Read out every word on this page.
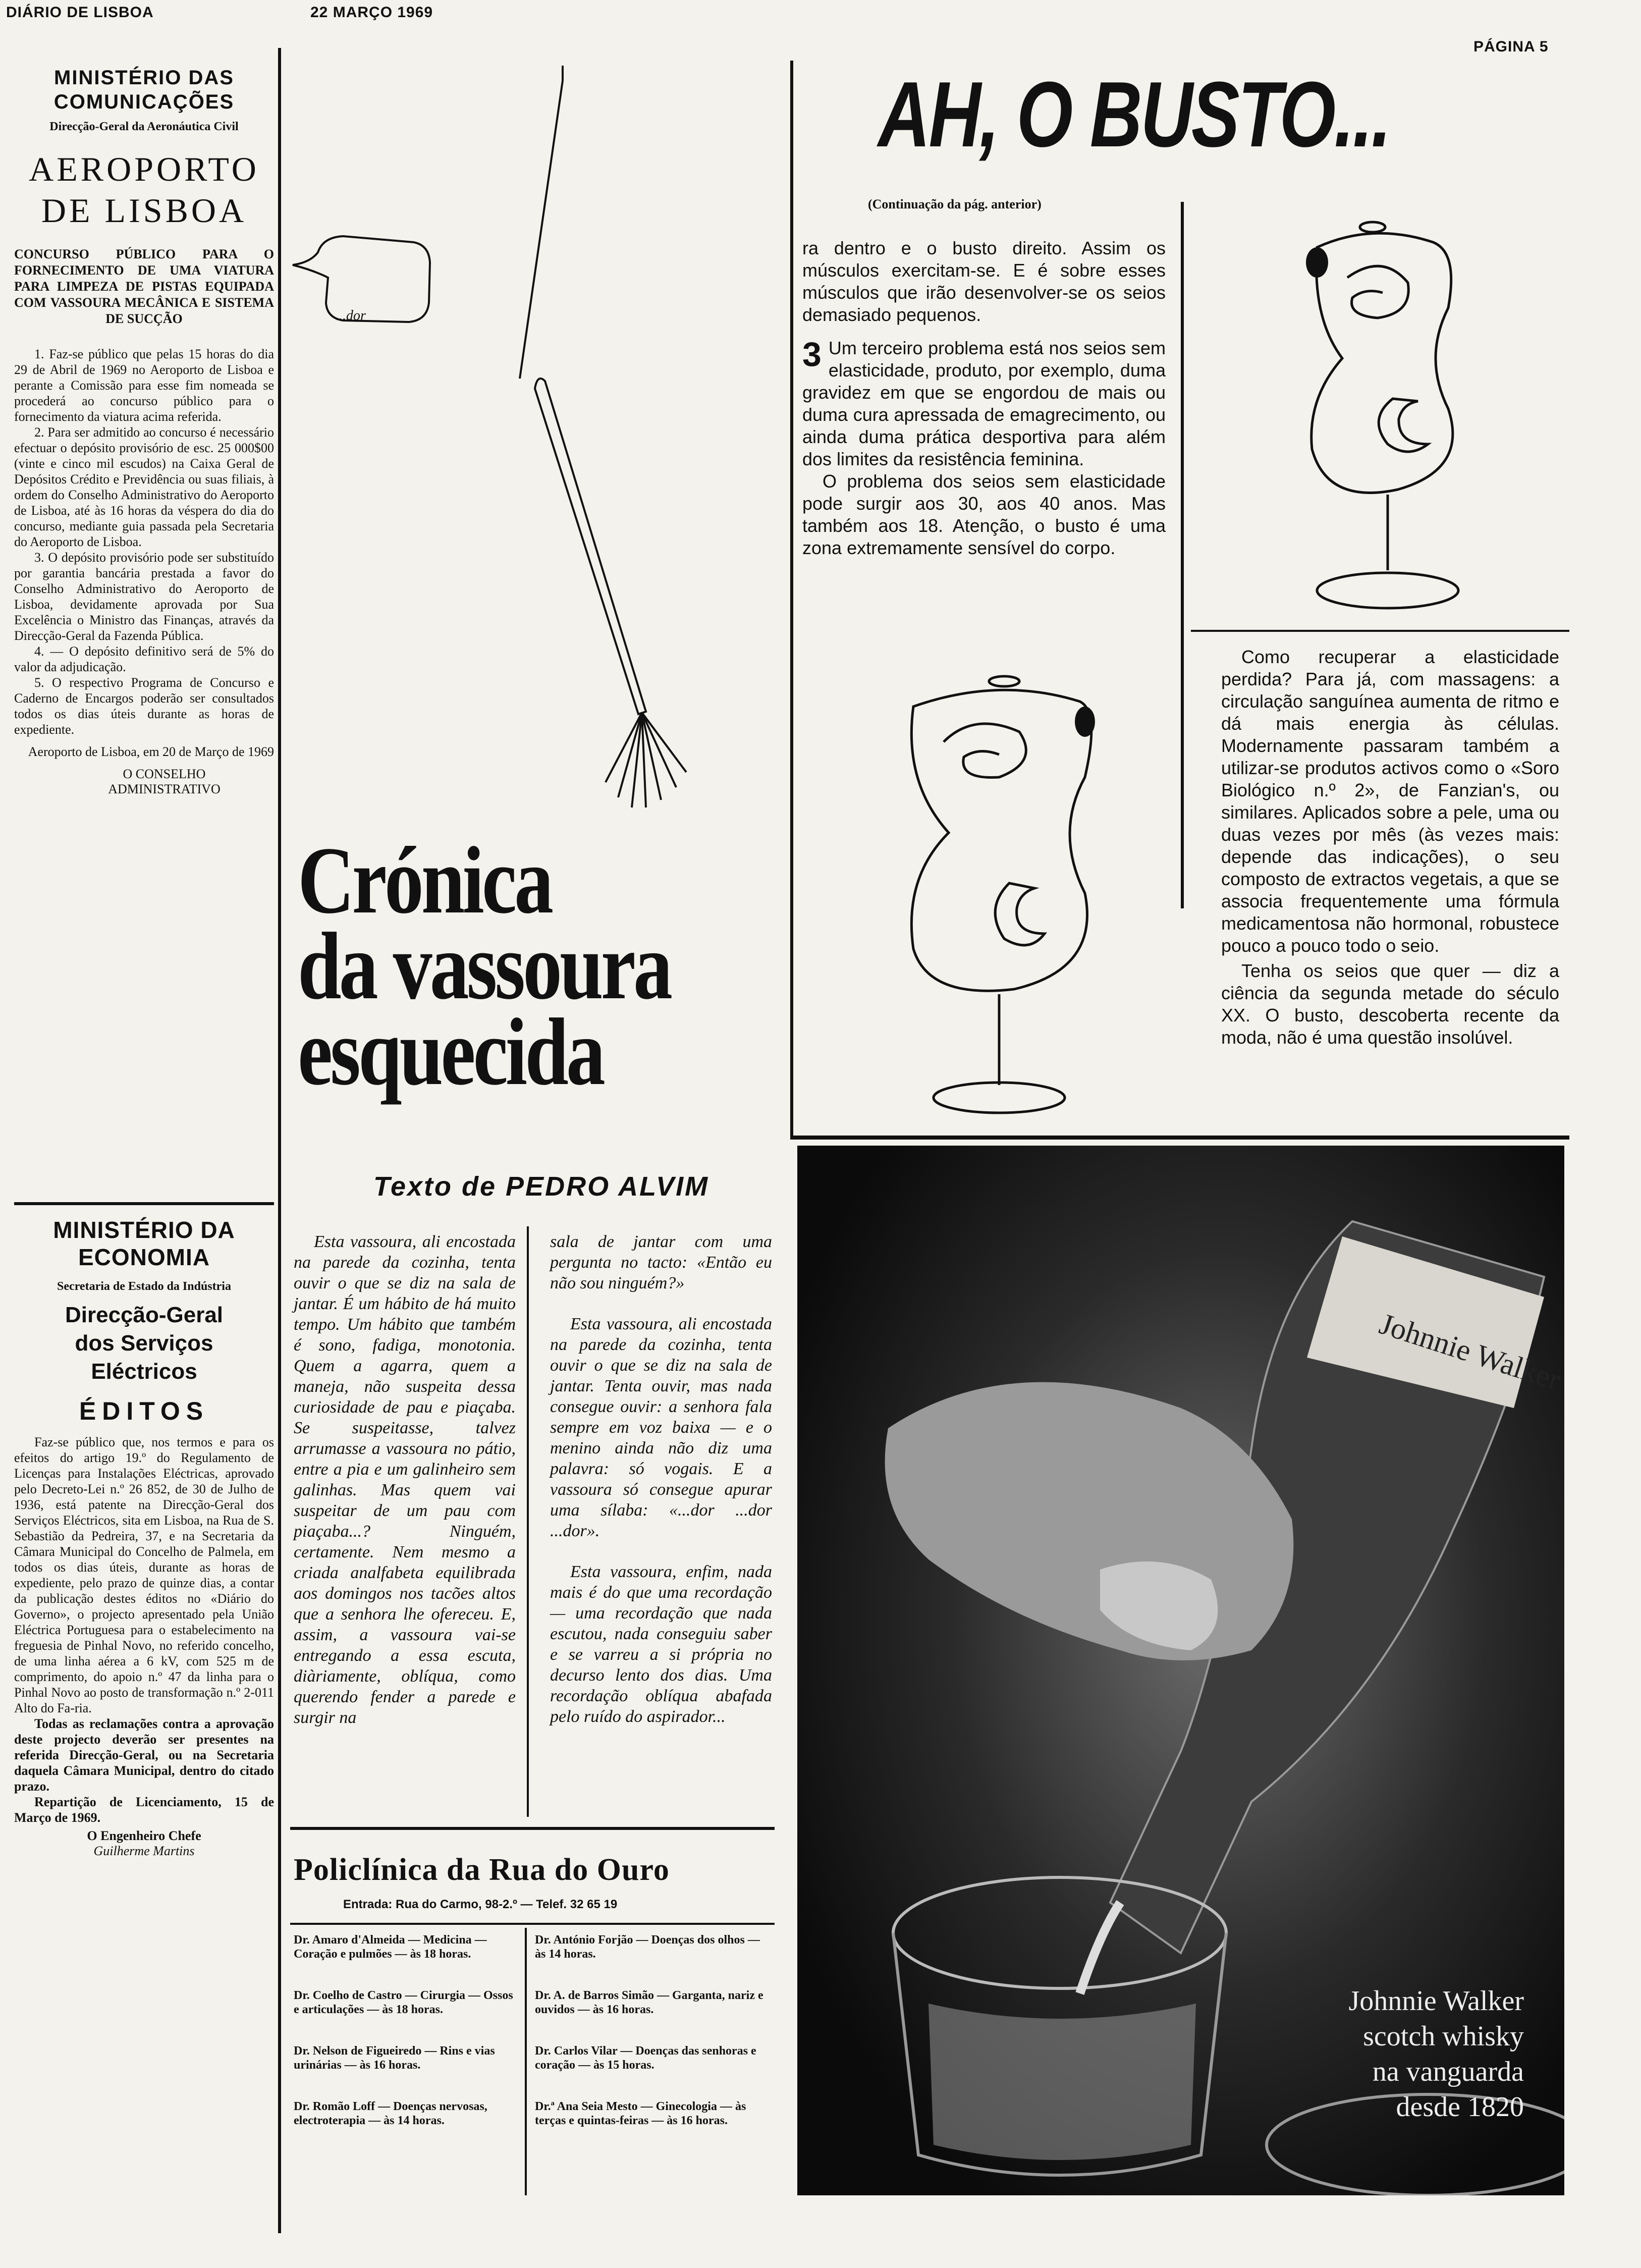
DIÁRIO DE LISBOA	22 MARÇO 1969
PÁGINA 5
MINISTÉRIO DAS COMUNICAÇÕES
Direcção-Geral da Aeronáutica Civil
AEROPORTO DE LISBOA
CONCURSO PÚBLICO PARA O FORNECIMENTO DE UMA VIATURA PARA LIMPEZA DE PISTAS EQUIPADA COM VASSOURA MECÂNICA E SISTEMA DE SUCÇÃO

1. Faz-se público que pelas 15 horas do dia 29 de Abril de 1969 no Aeroporto de Lisboa e perante a Comissão para esse fim nomeada se procederá ao concurso público para o fornecimento da viatura acima referida.

2. Para ser admitido ao concurso é necessário efectuar o depósito provisório de esc. 25 000$00 (vinte e cinco mil escudos) na Caixa Geral de Depósitos Crédito e Previdência ou suas filiais, à ordem do Conselho Administrativo do Aeroporto de Lisboa, até às 16 horas da véspera do dia do concurso, mediante guia passada pela Secretaria do Aeroporto de Lisboa.

3. O depósito provisório pode ser substituído por garantia bancária prestada a favor do Conselho Administrativo do Aeroporto de Lisboa, devidamente aprovada por Sua Excelência o Ministro das Finanças, através da Direcção-Geral da Fazenda Pública.

4. — O depósito definitivo será de 5% do valor da adjudicação.

5. O respectivo Programa de Concurso e Caderno de Encargos poderão ser consultados todos os dias úteis durante as horas de expediente.

Aeroporto de Lisboa, em 20 de Março de 1969
O CONSELHO ADMINISTRATIVO
MINISTÉRIO DA ECONOMIA
Secretaria de Estado da Indústria
Direcção-Geral dos Serviços Eléctricos
ÉDITOS

Faz-se público que, nos termos e para os efeitos do artigo 19.º do Regulamento de Licenças para Instalações Eléctricas, aprovado pelo Decreto-Lei n.º 26 852, de 30 de Julho de 1936, está patente na Direcção-Geral dos Serviços Eléctricos, sita em Lisboa, na Rua de S. Sebastião da Pedreira, 37, e na Secretaria da Câmara Municipal do Concelho de Palmela, em todos os dias úteis, durante as horas de expediente, pelo prazo de quinze dias, a contar da publicação destes éditos no «Diário do Governo», o projecto apresentado pela União Eléctrica Portuguesa para o estabelecimento na freguesia de Pinhal Novo, no referido concelho, de uma linha aérea a 6 kV, com 525 m de comprimento, do apoio n.º 47 da linha para o Pinhal Novo ao posto de transformação n.º 2-011 Alto do Fa-ria.

Todas as reclamações contra a aprovação deste projecto deverão ser presentes na referida Direcção-Geral, ou na Secretaria daquela Câmara Municipal, dentro do citado prazo.

Repartição de Licenciamento, 15 de Março de 1969.

O Engenheiro Chefe
Guilherme Martins
...dor
Crónica
da vassoura
esquecida
Texto de PEDRO ALVIM

Esta vassoura, ali encostada na parede da cozinha, tenta ouvir o que se diz na sala de jantar. É um hábito de há muito tempo. Um hábito que também é sono, fadiga, monotonia. Quem a agarra, quem a maneja, não suspeita dessa curiosidade de pau e piaçaba. Se suspeitasse, talvez arrumasse a vassoura no pátio, entre a pia e um galinheiro sem galinhas. Mas quem vai suspeitar de um pau com piaçaba...? Ninguém, certamente. Nem mesmo a criada analfabeta equilibrada aos domingos nos tacões altos que a senhora lhe ofereceu. E, assim, a vassoura vai-se entregando a essa escuta, diàriamente, oblíqua, como querendo fender a parede e surgir na

sala de jantar com uma pergunta no tacto: «Então eu não sou ninguém?»

Esta vassoura, ali encostada na parede da cozinha, tenta ouvir o que se diz na sala de jantar. Tenta ouvir, mas nada consegue ouvir: a senhora fala sempre em voz baixa — e o menino ainda não diz uma palavra: só vogais. E a vassoura só consegue apurar uma sílaba: «...dor ...dor ...dor».

Esta vassoura, enfim, nada mais é do que uma recordação — uma recordação que nada escutou, nada conseguiu saber e se varreu a si própria no decurso lento dos dias. Uma recordação oblíqua abafada pelo ruído do aspirador...

Policlínica da Rua do Ouro
Entrada: Rua do Carmo, 98-2.º — Telef. 32 65 19
Dr. Amaro d'Almeida — Medicina — Coração e pulmões — às 18 horas.
Dr. Coelho de Castro — Cirurgia — Ossos e articulações — às 18 horas.
Dr. Nelson de Figueiredo — Rins e vias urinárias — às 16 horas.
Dr. Romão Loff — Doenças nervosas, electroterapia — às 14 horas.
Dr. António Forjão — Doenças dos olhos — às 14 horas.
Dr. A. de Barros Simão — Garganta, nariz e ouvidos — às 16 horas.
Dr. Carlos Vilar — Doenças das senhoras e coração — às 15 horas.
Dr.ª Ana Seia Mesto — Ginecologia — às terças e quintas-feiras — às 16 horas.
AH, O BUSTO...
(Continuação da pág. anterior)

ra dentro e o busto direito. Assim os músculos exercitam-se. E é sobre esses músculos que irão desenvolver-se os seios demasiado pequenos.

3 Um terceiro problema está nos seios sem elasticidade, produto, por exemplo, duma gravidez em que se engordou de mais ou duma cura apressada de emagrecimento, ou ainda duma prática desportiva para além dos limites da resistência feminina.

O problema dos seios sem elasticidade pode surgir aos 30, aos 40 anos. Mas também aos 18. Atenção, o busto é uma zona extremamente sensível do corpo.

Como recuperar a elasticidade perdida? Para já, com massagens: a circulação sanguínea aumenta de ritmo e dá mais energia às células. Modernamente passaram também a utilizar-se produtos activos como o «Soro Biológico n.º 2», de Fanzian's, ou similares. Aplicados sobre a pele, uma ou duas vezes por mês (às vezes mais: depende das indicações), o seu composto de extractos vegetais, a que se associa frequentemente uma fórmula medicamentosa não hormonal, robustece pouco a pouco todo o seio.

Tenha os seios que quer — diz a ciência da segunda metade do século XX. O busto, descoberta recente da moda, não é uma questão insolúvel.

Johnnie Walker
Johnnie Walker
scotch whisky
na vanguarda
desde 1820
